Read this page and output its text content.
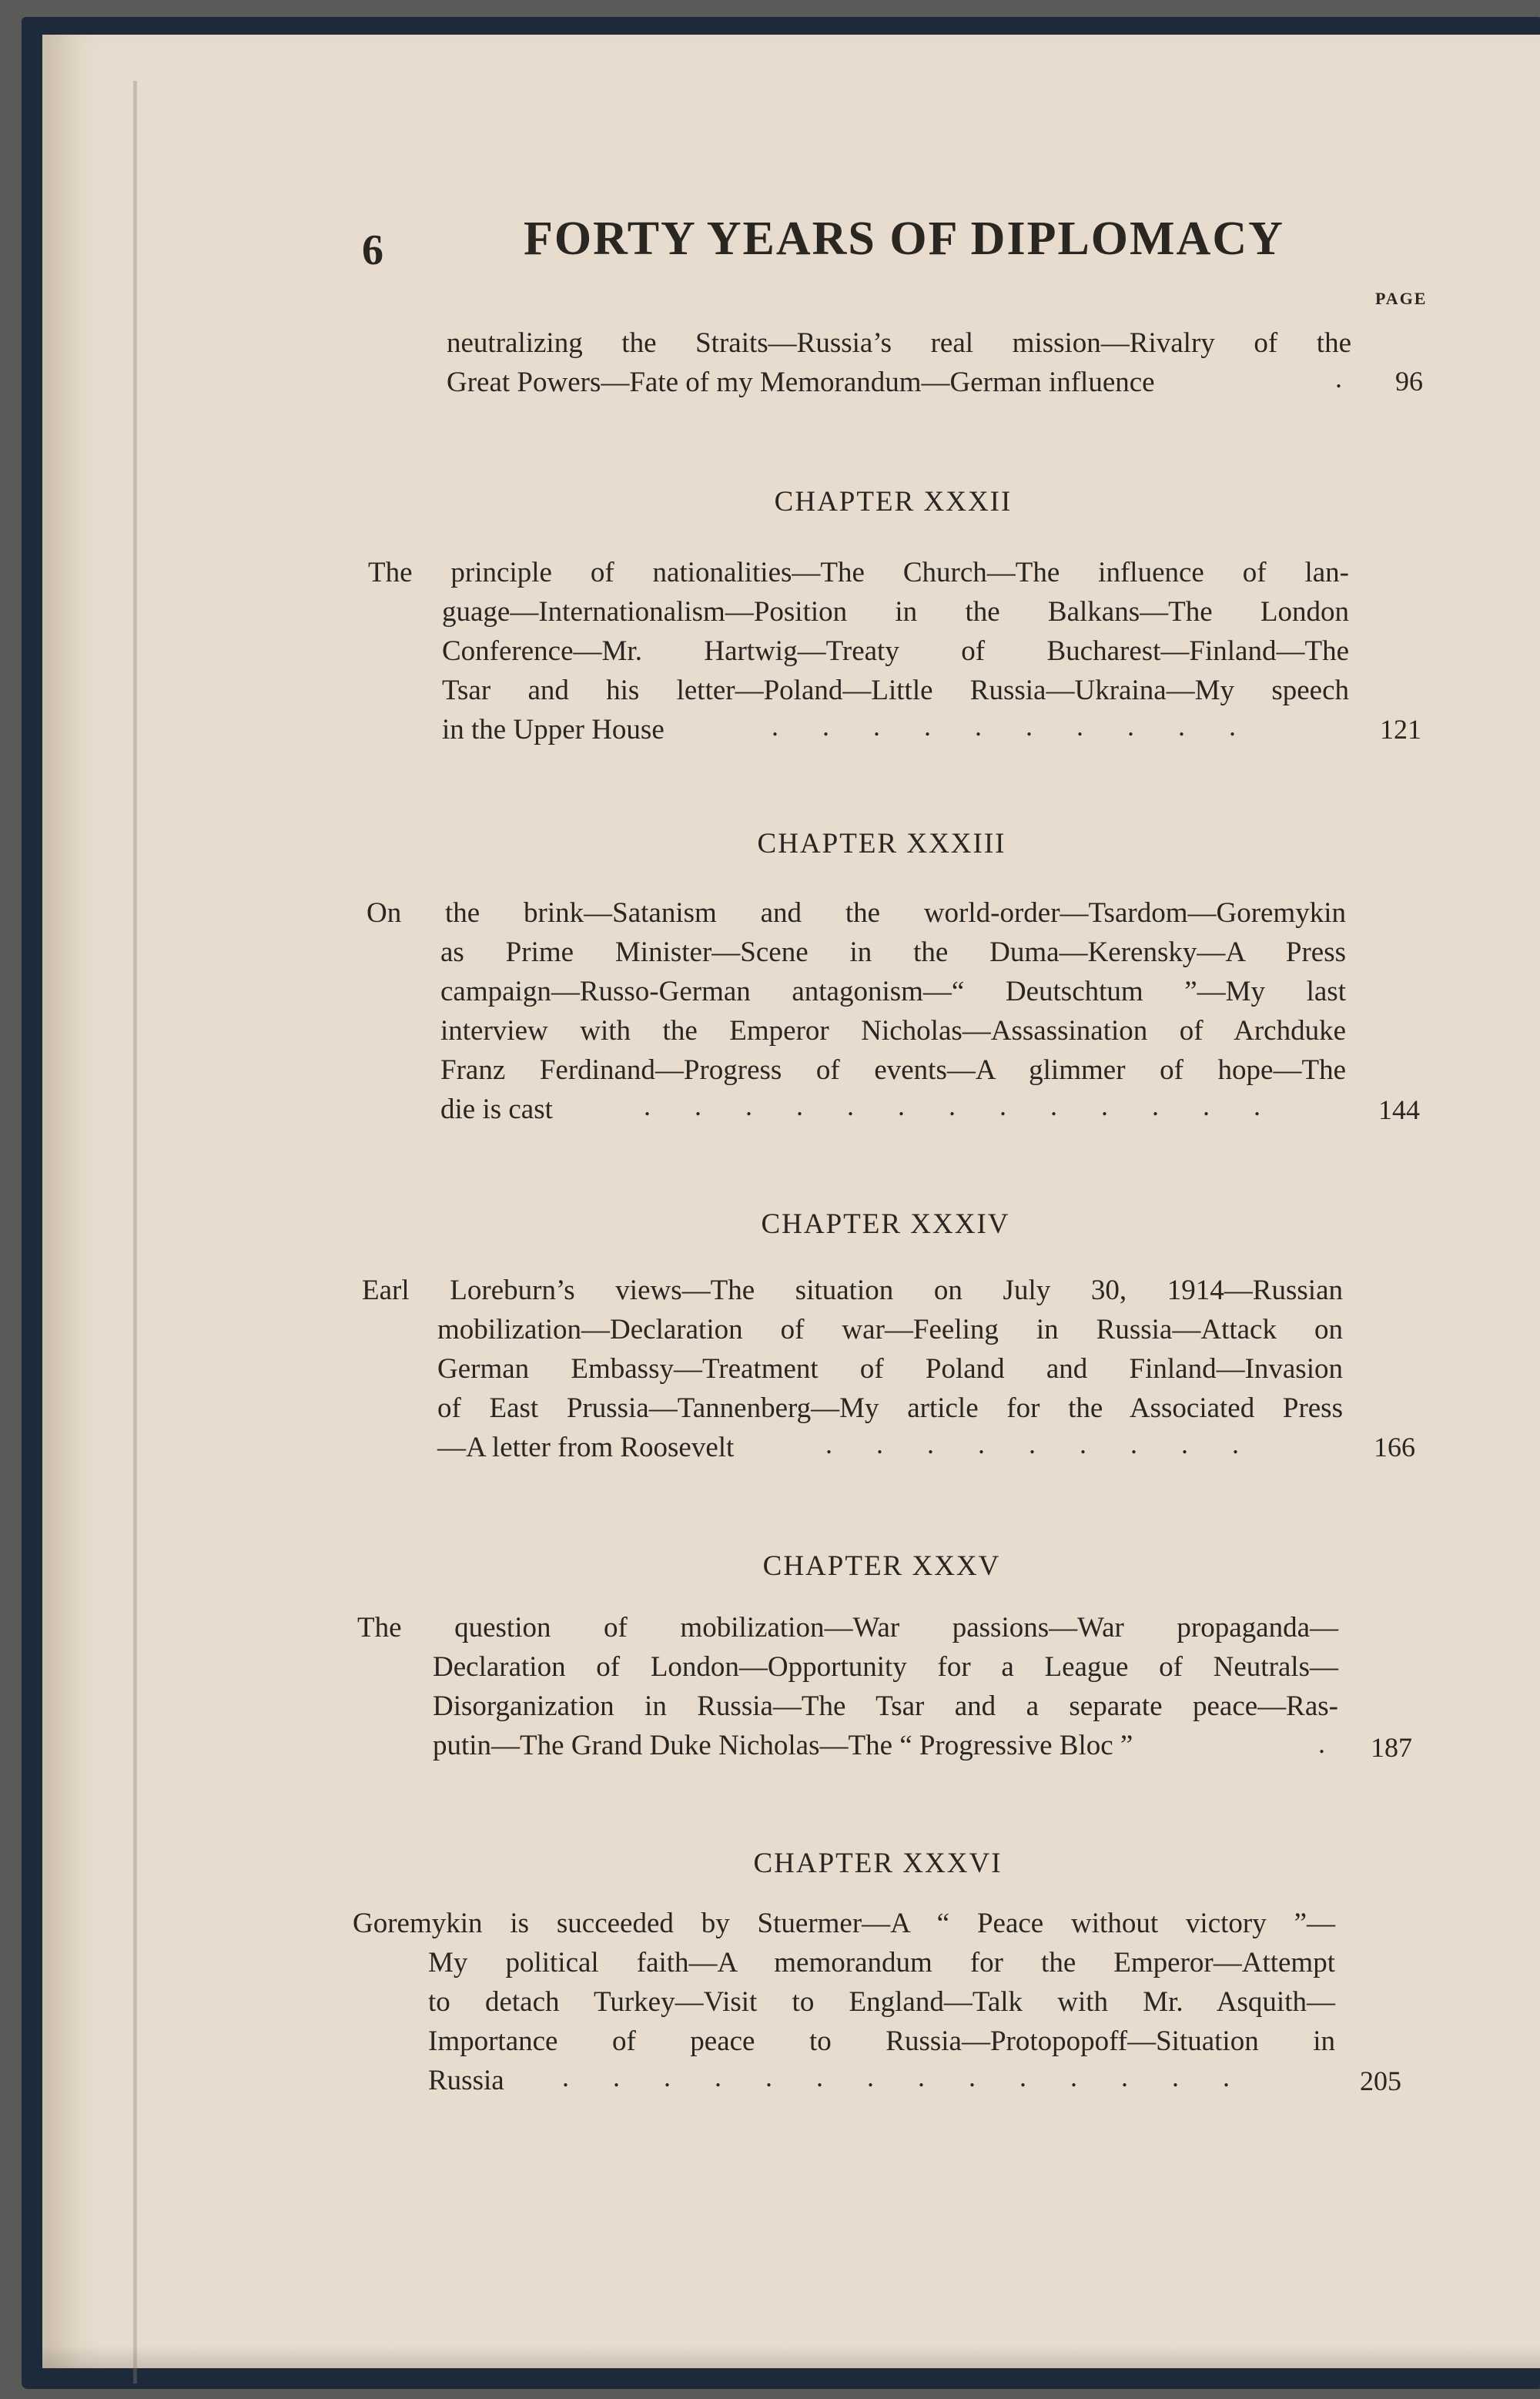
6	FORTY YEARS OF DIPLOMACY
PAGE
neutralizing the Straits—Russia’s real mission—Rivalry of the
Great Powers—Fate of my Memorandum—German influence	. 96
CHAPTER XXXII
The principle of nationalities—The Church—The influence of lan-
guage—Internationalism—Position in the Balkans—The London
Conference—Mr. Hartwig—Treaty of Bucharest—Finland—The
Tsar and his letter—Poland—Little Russia—Ukraina—My speech
in the Upper House	. . . . . . . . . .	121
CHAPTER XXXIII
On the brink—Satanism and the world-order—Tsardom—Goremykin
as Prime Minister—Scene in the Duma—Kerensky—A Press
campaign—Russo-German antagonism—“ Deutschtum ”—My last
interview with the Emperor Nicholas—Assassination of Archduke
Franz Ferdinand—Progress of events—A glimmer of hope—The
die is cast	. . . . . . . . . . . . .	144
CHAPTER XXXIV
Earl Loreburn’s views—The situation on July 30, 1914—Russian
mobilization—Declaration of war—Feeling in Russia—Attack on
German Embassy—Treatment of Poland and Finland—Invasion
of East Prussia—Tannenberg—My article for the Associated Press
—A letter from Roosevelt	. . . . . . . . .	166
CHAPTER XXXV
The question of mobilization—War passions—War propaganda—
Declaration of London—Opportunity for a League of Neutrals—
Disorganization in Russia—The Tsar and a separate peace—Ras-
putin—The Grand Duke Nicholas—The “ Progressive Bloc ”	. 187
CHAPTER XXXVI
Goremykin is succeeded by Stuermer—A “ Peace without victory ”—
My political faith—A memorandum for the Emperor—Attempt
to detach Turkey—Visit to England—Talk with Mr. Asquith—
Importance of peace to Russia—Protopopoff—Situation in
Russia	. . . . . . . . . . . . . .	205
